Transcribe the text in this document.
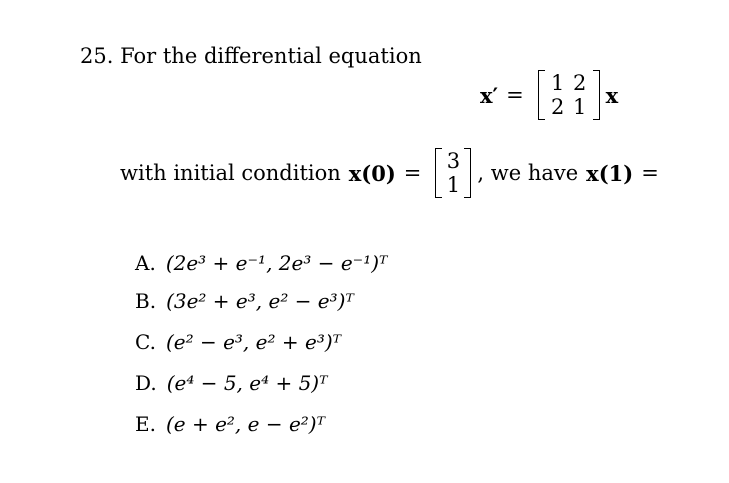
25. For the differential equation
x′ = 1 2
2 1 x
with initial condition x(0) = 3
1 , we have x(1) =
A. (2e³ + e⁻¹, 2e³ − e⁻¹)ᵀ
B. (3e² + e³, e² − e³)ᵀ
C. (e² − e³, e² + e³)ᵀ
D. (e⁴ − 5, e⁴ + 5)ᵀ
E. (e + e², e − e²)ᵀ
